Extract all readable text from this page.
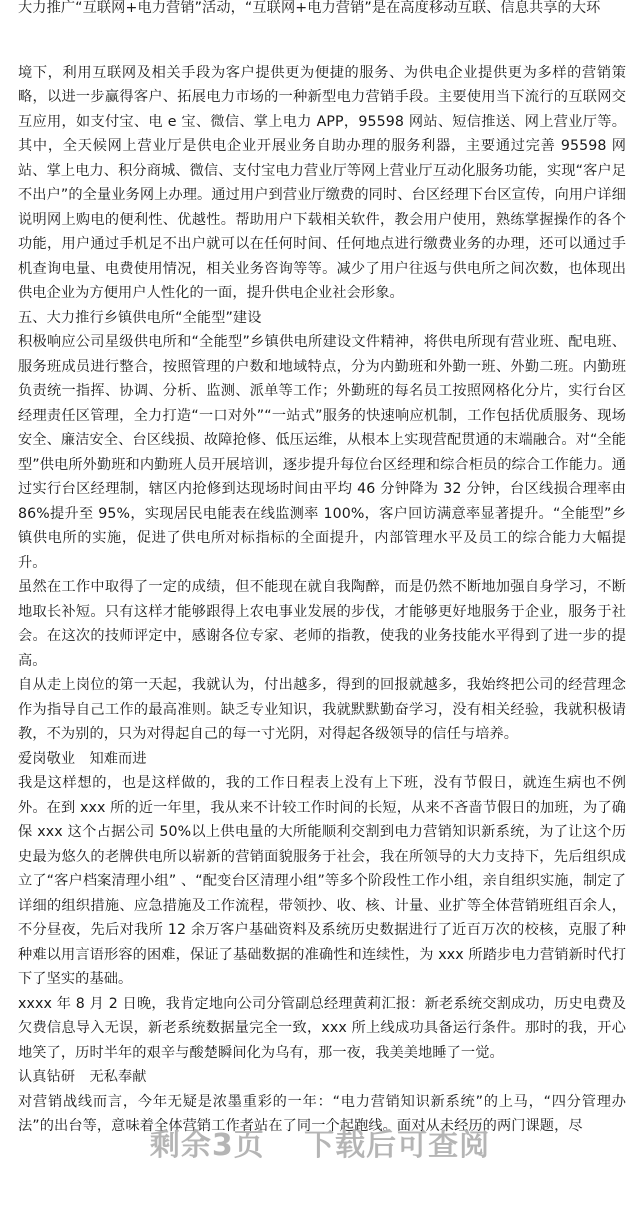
大力推广“互联网+电力营销”活动，“互联网+电力营销”是在高度移动互联、信息共享的大环

境下，利用互联网及相关手段为客户提供更为便捷的服务、为供电企业提供更为多样的营销策略，以进一步赢得客户、拓展电力市场的一种新型电力营销手段。主要使用当下流行的互联网交互应用，如支付宝、电 e 宝、微信、掌上电力 APP，95598 网站、短信推送、网上营业厅等。其中，全天候网上营业厅是供电企业开展业务自助办理的服务利器，主要通过完善 95598 网站、掌上电力、积分商城、微信、支付宝电力营业厅等网上营业厅互动化服务功能，实现“客户足不出户”的全量业务网上办理。通过用户到营业厅缴费的同时、台区经理下台区宣传，向用户详细说明网上购电的便利性、优越性。帮助用户下载相关软件，教会用户使用，熟练掌握操作的各个功能，用户通过手机足不出户就可以在任何时间、任何地点进行缴费业务的办理，还可以通过手机查询电量、电费使用情况，相关业务咨询等等。减少了用户往返与供电所之间次数，也体现出供电企业为方便用户人性化的一面，提升供电企业社会形象。

五、大力推行乡镇供电所“全能型”建设

积极响应公司星级供电所和“全能型”乡镇供电所建设文件精神，将供电所现有营业班、配电班、服务班成员进行整合，按照管理的户数和地域特点，分为内勤班和外勤一班、外勤二班。内勤班负责统一指挥、协调、分析、监测、派单等工作；外勤班的每名员工按照网格化分片，实行台区经理责任区管理，全力打造“一口对外”“一站式”服务的快速响应机制，工作包括优质服务、现场安全、廉洁安全、台区线损、故障抢修、低压运维，从根本上实现营配贯通的末端融合。对“全能型”供电所外勤班和内勤班人员开展培训，逐步提升每位台区经理和综合柜员的综合工作能力。通过实行台区经理制，辖区内抢修到达现场时间由平均 46 分钟降为 32 分钟，台区线损合理率由 86%提升至 95%，实现居民电能表在线监测率 100%，客户回访满意率显著提升。“全能型”乡镇供电所的实施，促进了供电所对标指标的全面提升，内部管理水平及员工的综合能力大幅提升。

虽然在工作中取得了一定的成绩，但不能现在就自我陶醉，而是仍然不断地加强自身学习，不断地取长补短。只有这样才能够跟得上农电事业发展的步伐，才能够更好地服务于企业，服务于社会。在这次的技师评定中，感谢各位专家、老师的指教，使我的业务技能水平得到了进一步的提高。

自从走上岗位的第一天起，我就认为，付出越多，得到的回报就越多，我始终把公司的经营理念作为指导自己工作的最高准则。缺乏专业知识，我就默默勤奋学习，没有相关经验，我就积极请教，不为别的，只为对得起自己的每一寸光阴，对得起各级领导的信任与培养。

爱岗敬业　知难而进

我是这样想的，也是这样做的，我的工作日程表上没有上下班，没有节假日，就连生病也不例外。在到 xxx 所的近一年里，我从来不计较工作时间的长短，从来不吝啬节假日的加班，为了确保 xxx 这个占据公司 50%以上供电量的大所能顺利交割到电力营销知识新系统，为了让这个历史最为悠久的老牌供电所以崭新的营销面貌服务于社会，我在所领导的大力支持下，先后组织成立了“客户档案清理小组” 、“配变台区清理小组”等多个阶段性工作小组，亲自组织实施，制定了详细的组织措施、应急措施及工作流程，带领抄、收、核、计量、业扩等全体营销班组百余人，不分昼夜，先后对我所 12 余万客户基础资料及系统历史数据进行了近百万次的校核，克服了种种难以用言语形容的困难，保证了基础数据的准确性和连续性，为 xxx 所踏步电力营销新时代打下了坚实的基础。

xxxx 年 8 月 2 日晚，我肯定地向公司分管副总经理黄莉汇报：新老系统交割成功，历史电费及欠费信息导入无误，新老系统数据量完全一致，xxx 所上线成功具备运行条件。那时的我，开心地笑了，历时半年的艰辛与酸楚瞬间化为乌有，那一夜，我美美地睡了一觉。

认真钻研　无私奉献

对营销战线而言，今年无疑是浓墨重彩的一年：“电力营销知识新系统”的上马，“四分管理办法”的出台等，意味着全体营销工作者站在了同一个起跑线。面对从未经历的两门课题，尽

剩余3页 下载后可查阅
